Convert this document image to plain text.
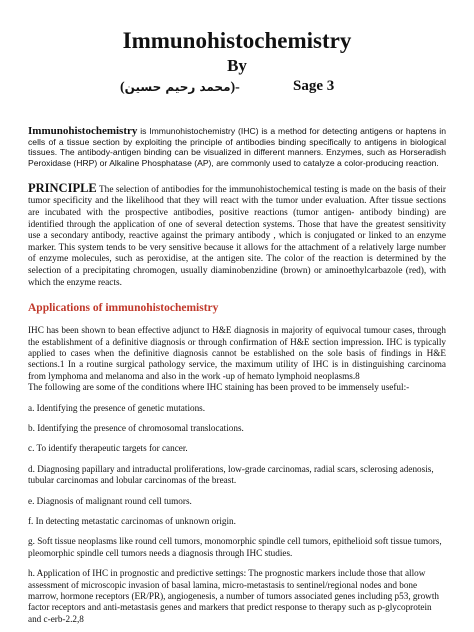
Immunohistochemistry
By
-(محمد رحيم حسين)	Sage 3

Immunohistochemistry is Immunohistochemistry (IHC) is a method for detecting antigens or haptens in cells of a tissue section by exploiting the principle of antibodies binding specifically to antigens in biological tissues. The antibody-antigen binding can be visualized in different manners. Enzymes, such as Horseradish Peroxidase (HRP) or Alkaline Phosphatase (AP), are commonly used to catalyze a color-producing reaction.

PRINCIPLE The selection of antibodies for the immunohistochemical testing is made on the basis of their tumor specificity and the likelihood that they will react with the tumor under evaluation. After tissue sections are incubated with the prospective antibodies, positive reactions (tumor antigen- antibody binding) are identified through the application of one of several detection systems. Those that have the greatest sensitivity use a secondary antibody, reactive against the primary antibody , which is conjugated or linked to an enzyme marker. This system tends to be very sensitive because it allows for the attachment of a relatively large number of enzyme molecules, such as peroxidise, at the antigen site. The color of the reaction is determined by the selection of a precipitating chromogen, usually diaminobenzidine (brown) or aminoethylcarbazole (red), with which the enzyme reacts.

Applications of immunohistochemistry

IHC has been shown to bean effective adjunct to H&E diagnosis in majority of equivocal tumour cases, through the establishment of a definitive diagnosis or through confirmation of H&E section impression. IHC is typically applied to cases when the definitive diagnosis cannot be established on the sole basis of findings in H&E sections.1 In a routine surgical pathology service, the maximum utility of IHC is in distinguishing carcinoma from lymphoma and melanoma and also in the work -up of hemato lymphoid neoplasms.8
The following are some of the conditions where IHC staining has been proved to be immensely useful:-

a. Identifying the presence of genetic mutations.

b. Identifying the presence of chromosomal translocations.

c. To identify therapeutic targets for cancer.

d. Diagnosing papillary and intraductal proliferations, low-grade carcinomas, radial scars, sclerosing adenosis, tubular carcinomas and lobular carcinomas of the breast.

e. Diagnosis of malignant round cell tumors.

f. In detecting metastatic carcinomas of unknown origin.

g. Soft tissue neoplasms like round cell tumors, monomorphic spindle cell tumors, epithelioid soft tissue tumors, pleomorphic spindle cell tumors needs a diagnosis through IHC studies.

h. Application of IHC in prognostic and predictive settings: The prognostic markers include those that allow assessment of microscopic invasion of basal lamina, micro-metastasis to sentinel/regional nodes and bone marrow, hormone receptors (ER/PR), angiogenesis, a number of tumors associated genes including p53, growth factor receptors and anti-metastasis genes and markers that predict response to therapy such as p-glycoprotein and c-erb-2.2,8
